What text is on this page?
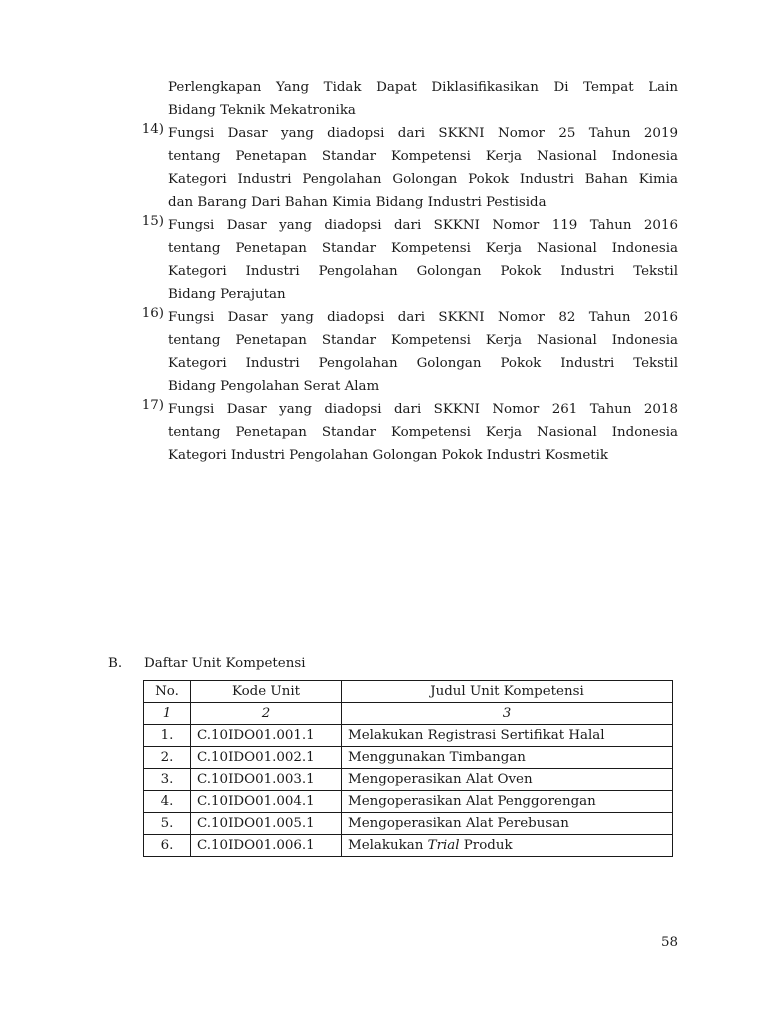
Perlengkapan Yang Tidak Dapat Diklasifikasikan Di Tempat Lain
Bidang Teknik Mekatronika
14) Fungsi Dasar yang diadopsi dari SKKNI Nomor 25 Tahun 2019
tentang Penetapan Standar Kompetensi Kerja Nasional Indonesia
Kategori Industri Pengolahan Golongan Pokok Industri Bahan Kimia
dan Barang Dari Bahan Kimia Bidang Industri Pestisida
15) Fungsi Dasar yang diadopsi dari SKKNI Nomor 119 Tahun 2016
tentang Penetapan Standar Kompetensi Kerja Nasional Indonesia
Kategori Industri Pengolahan Golongan Pokok Industri Tekstil
Bidang Perajutan
16) Fungsi Dasar yang diadopsi dari SKKNI Nomor 82 Tahun 2016
tentang Penetapan Standar Kompetensi Kerja Nasional Indonesia
Kategori Industri Pengolahan Golongan Pokok Industri Tekstil
Bidang Pengolahan Serat Alam
17) Fungsi Dasar yang diadopsi dari SKKNI Nomor 261 Tahun 2018
tentang Penetapan Standar Kompetensi Kerja Nasional Indonesia
Kategori Industri Pengolahan Golongan Pokok Industri Kosmetik
B. Daftar Unit Kompetensi
No.	Kode Unit	Judul Unit Kompetensi
1	2	3
1.	C.10IDO01.001.1	Melakukan Registrasi Sertifikat Halal
2.	C.10IDO01.002.1	Menggunakan Timbangan
3.	C.10IDO01.003.1	Mengoperasikan Alat Oven
4.	C.10IDO01.004.1	Mengoperasikan Alat Penggorengan
5.	C.10IDO01.005.1	Mengoperasikan Alat Perebusan
6.	C.10IDO01.006.1	Melakukan Trial Produk
58
